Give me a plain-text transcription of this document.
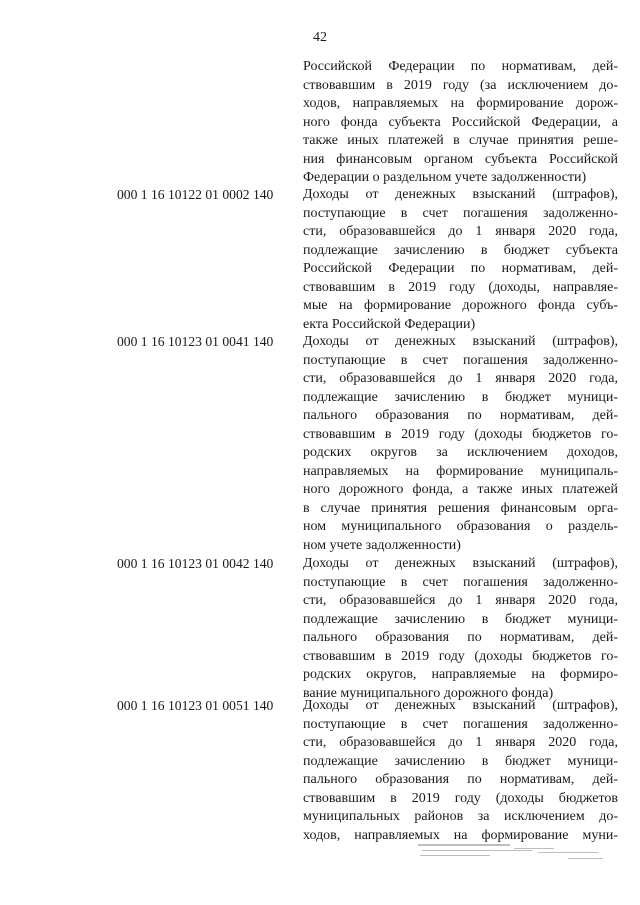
42
Российской Федерации по нормативам, дей-
ствовавшим в 2019 году (за исключением до-
ходов, направляемых на формирование дорож-
ного фонда субъекта Российской Федерации, а
также иных платежей в случае принятия реше-
ния финансовым органом субъекта Российской
Федерации о раздельном учете задолженности)
000 1 16 10122 01 0002 140	Доходы от денежных взысканий (штрафов),
поступающие в счет погашения задолженно-
сти, образовавшейся до 1 января 2020 года,
подлежащие зачислению в бюджет субъекта
Российской Федерации по нормативам, дей-
ствовавшим в 2019 году (доходы, направляе-
мые на формирование дорожного фонда субъ-
екта Российской Федерации)
000 1 16 10123 01 0041 140	Доходы от денежных взысканий (штрафов),
поступающие в счет погашения задолженно-
сти, образовавшейся до 1 января 2020 года,
подлежащие зачислению в бюджет муници-
пального образования по нормативам, дей-
ствовавшим в 2019 году (доходы бюджетов го-
родских округов за исключением доходов,
направляемых на формирование муниципаль-
ного дорожного фонда, а также иных платежей
в случае принятия решения финансовым орга-
ном муниципального образования о раздель-
ном учете задолженности)
000 1 16 10123 01 0042 140	Доходы от денежных взысканий (штрафов),
поступающие в счет погашения задолженно-
сти, образовавшейся до 1 января 2020 года,
подлежащие зачислению в бюджет муници-
пального образования по нормативам, дей-
ствовавшим в 2019 году (доходы бюджетов го-
родских округов, направляемые на формиро-
вание муниципального дорожного фонда)
000 1 16 10123 01 0051 140	Доходы от денежных взысканий (штрафов),
поступающие в счет погашения задолженно-
сти, образовавшейся до 1 января 2020 года,
подлежащие зачислению в бюджет муници-
пального образования по нормативам, дей-
ствовавшим в 2019 году (доходы бюджетов
муниципальных районов за исключением до-
ходов, направляемых на формирование муни-
